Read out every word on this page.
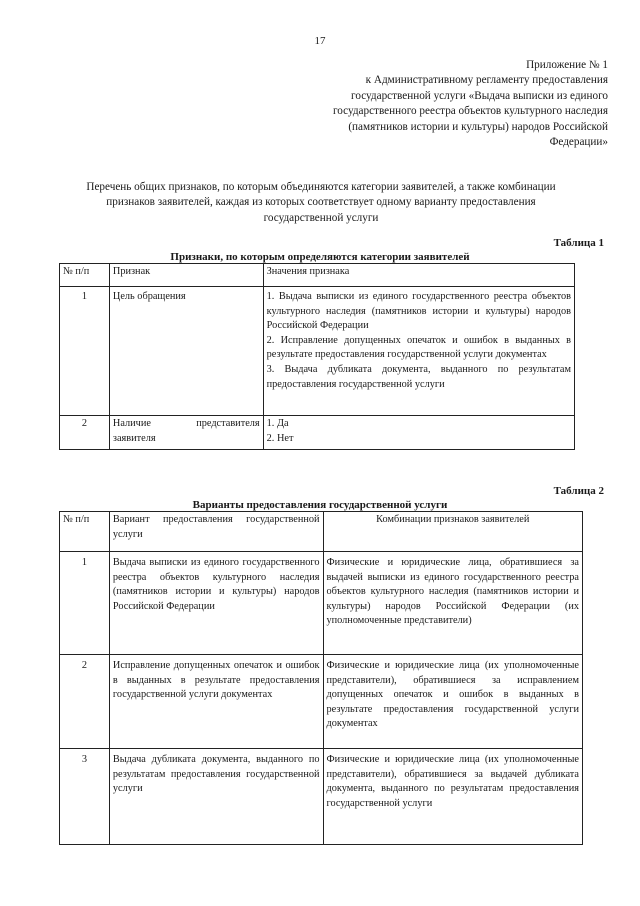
17
Приложение № 1
к Административному регламенту предоставления
государственной услуги «Выдача выписки из единого
государственного реестра объектов культурного наследия
(памятников истории и культуры) народов Российской
Федерации»
Перечень общих признаков, по которым объединяются категории заявителей, а также комбинации
признаков заявителей, каждая из которых соответствует одному варианту предоставления
государственной услуги
Таблица 1
Признаки, по которым определяются категории заявителей
№ п/п	Признак	Значения признака
1	Цель обращения	1. Выдача выписки из единого государственного реестра объектов культурного наследия (памятников истории и культуры) народов Российской Федерации
2. Исправление допущенных опечаток и ошибок в выданных в результате предоставления государственной услуги документах
3. Выдача дубликата документа, выданного по результатам предоставления государственной услуги

2	Наличие представителя заявителя	1. Да
2. Нет
Таблица 2
Варианты предоставления государственной услуги
№ п/п	Вариант предоставления государственной услуги	Комбинации признаков заявителей
1	Выдача выписки из единого государственного реестра объектов культурного наследия (памятников истории и культуры) народов Российской Федерации	Физические и юридические лица, обратившиеся за выдачей выписки из единого государственного реестра объектов культурного наследия (памятников истории и культуры) народов Российской Федерации (их уполномоченные представители)
2	Исправление допущенных опечаток и ошибок в выданных в результате предоставления государственной услуги документах	Физические и юридические лица (их уполномоченные представители), обратившиеся за исправлением допущенных опечаток и ошибок в выданных в результате предоставления государственной услуги документах
3	Выдача дубликата документа, выданного по результатам предоставления государственной услуги	Физические и юридические лица (их уполномоченные представители), обратившиеся за выдачей дубликата документа, выданного по результатам предоставления государственной услуги
